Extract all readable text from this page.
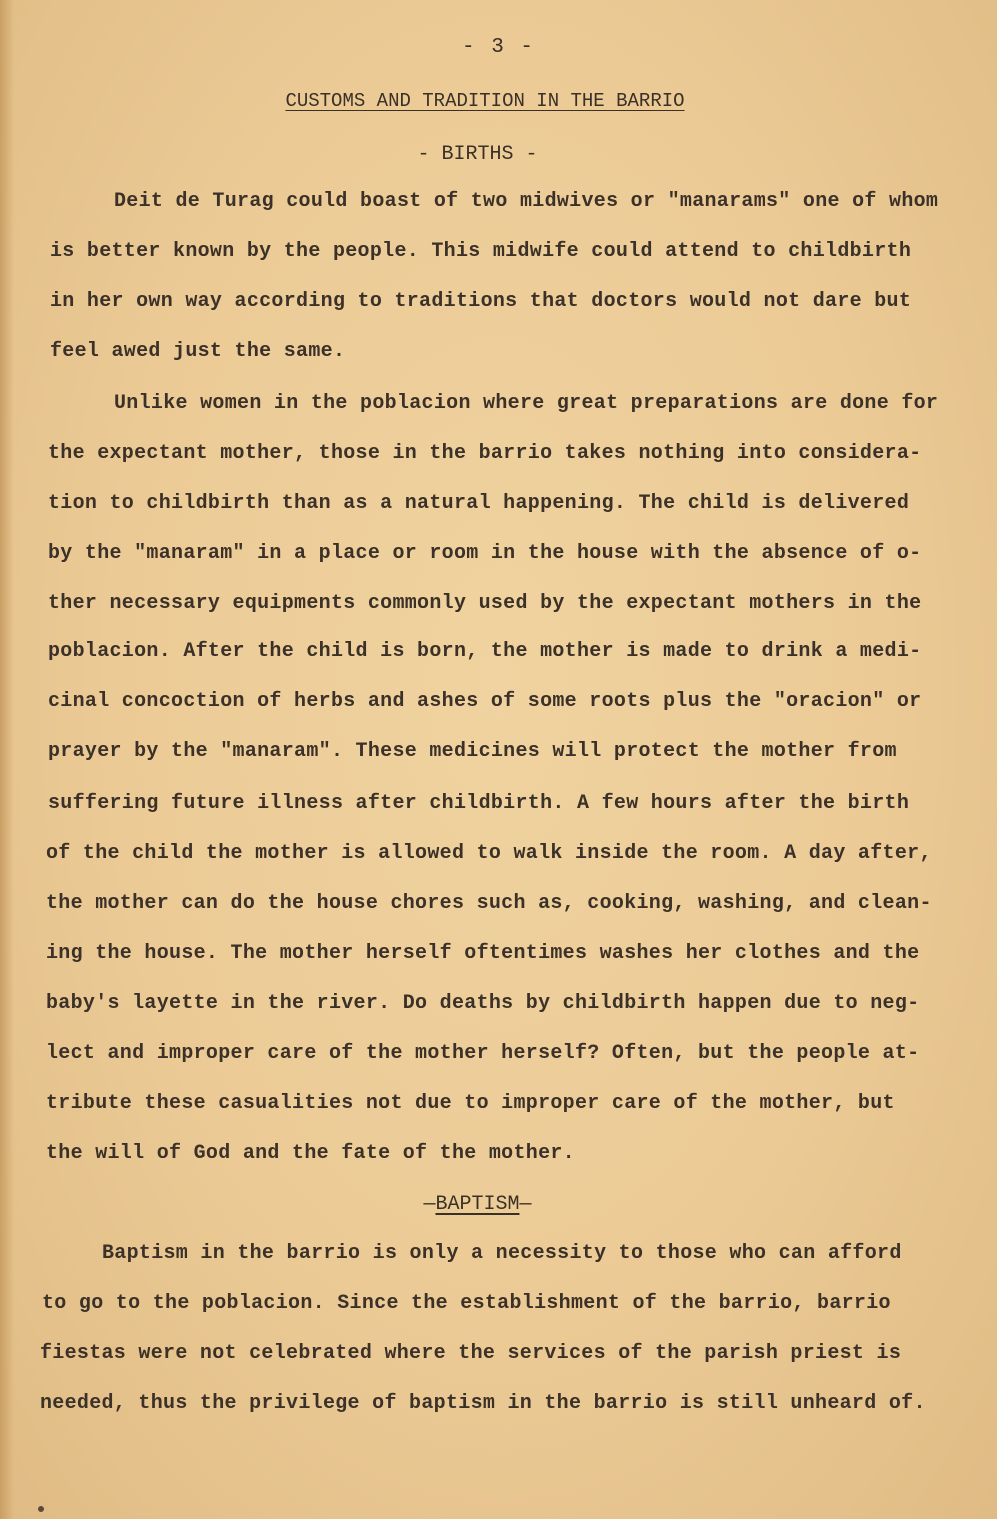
- 3 -
CUSTOMS AND TRADITION IN THE BARRIO
- BIRTHS -
Deit de Turag could boast of two midwives or "manarams" one of whom
is better known by the people. This midwife could attend to childbirth
in her own way according to traditions that doctors would not dare but
feel awed just the same.
Unlike women in the poblacion where great preparations are done for
the expectant mother, those in the barrio takes nothing into considera-
tion to childbirth than as a natural happening. The child is delivered
by the "manaram" in a place or room in the house with the absence of o-
ther necessary equipments commonly used by the expectant mothers in the
poblacion. After the child is born, the mother is made to drink a medi-
cinal concoction of herbs and ashes of some roots plus the "oracion" or
prayer by the "manaram". These medicines will protect the mother from
suffering future illness after childbirth. A few hours after the birth
of the child the mother is allowed to walk inside the room. A day after,
the mother can do the house chores such as, cooking, washing, and clean-
ing the house. The mother herself oftentimes washes her clothes and the
baby's layette in the river. Do deaths by childbirth happen due to neg-
lect and improper care of the mother herself? Often, but the people at-
tribute these casualities not due to improper care of the mother, but
the will of God and the fate of the mother.
—BAPTISM—
Baptism in the barrio is only a necessity to those who can afford
to go to the poblacion. Since the establishment of the barrio, barrio
fiestas were not celebrated where the services of the parish priest is
needed, thus the privilege of baptism in the barrio is still unheard of.
